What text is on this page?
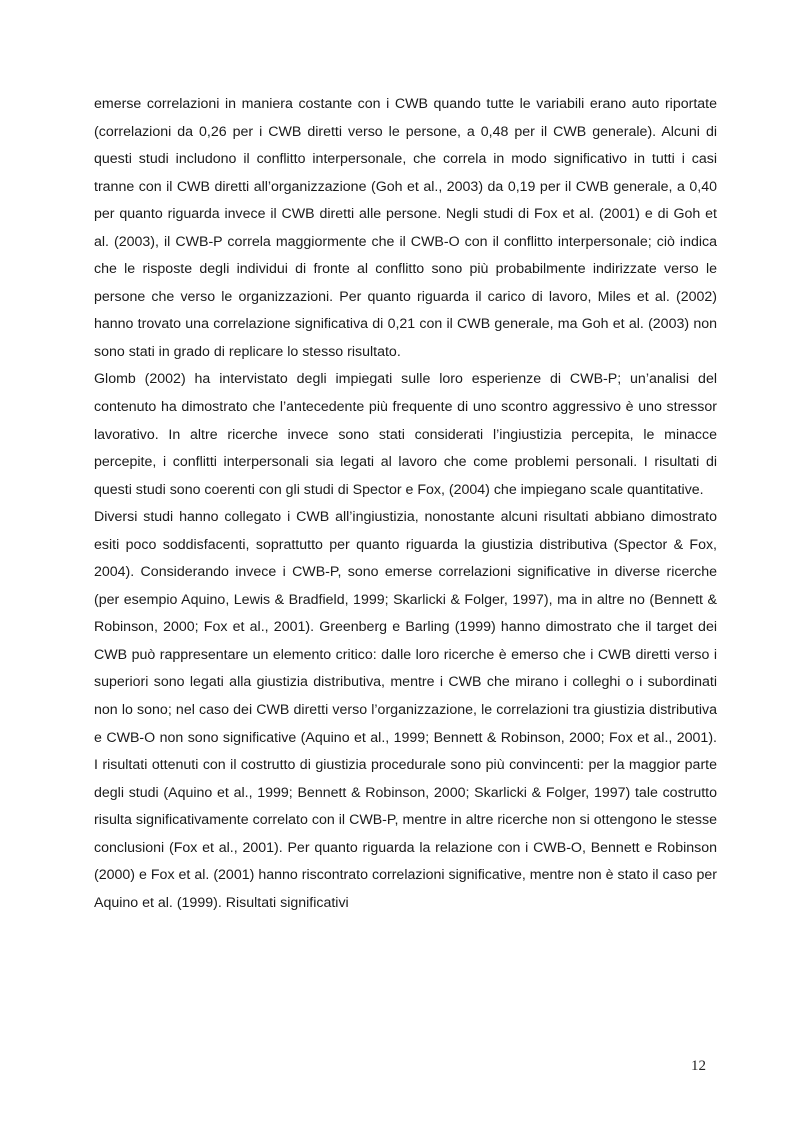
emerse correlazioni in maniera costante con i CWB quando tutte le variabili erano auto riportate (correlazioni da 0,26 per i CWB diretti verso le persone, a 0,48 per il CWB generale). Alcuni di questi studi includono il conflitto interpersonale, che correla in modo significativo in tutti i casi tranne con il CWB diretti all’organizzazione (Goh et al., 2003) da 0,19 per il CWB generale, a 0,40 per quanto riguarda invece il CWB diretti alle persone. Negli studi di Fox et al. (2001) e di Goh et al. (2003), il CWB-P correla maggiormente che il CWB-O con il conflitto interpersonale; ciò indica che le risposte degli individui di fronte al conflitto sono più probabilmente indirizzate verso le persone che verso le organizzazioni. Per quanto riguarda il carico di lavoro, Miles et al. (2002) hanno trovato una correlazione significativa di 0,21 con il CWB generale, ma Goh et al. (2003) non sono stati in grado di replicare lo stesso risultato.

Glomb (2002) ha intervistato degli impiegati sulle loro esperienze di CWB-P; un’analisi del contenuto ha dimostrato che l’antecedente più frequente di uno scontro aggressivo è uno stressor lavorativo. In altre ricerche invece sono stati considerati l’ingiustizia percepita, le minacce percepite, i conflitti interpersonali sia legati al lavoro che come problemi personali. I risultati di questi studi sono coerenti con gli studi di Spector e Fox, (2004) che impiegano scale quantitative.

Diversi studi hanno collegato i CWB all’ingiustizia, nonostante alcuni risultati abbiano dimostrato esiti poco soddisfacenti, soprattutto per quanto riguarda la giustizia distributiva (Spector & Fox, 2004). Considerando invece i CWB-P, sono emerse correlazioni significative in diverse ricerche (per esempio Aquino, Lewis & Bradfield, 1999; Skarlicki & Folger, 1997), ma in altre no (Bennett & Robinson, 2000; Fox et al., 2001). Greenberg e Barling (1999) hanno dimostrato che il target dei CWB può rappresentare un elemento critico: dalle loro ricerche è emerso che i CWB diretti verso i superiori sono legati alla giustizia distributiva, mentre i CWB che mirano i colleghi o i subordinati non lo sono; nel caso dei CWB diretti verso l’organizzazione, le correlazioni tra giustizia distributiva e CWB-O non sono significative (Aquino et al., 1999; Bennett & Robinson, 2000; Fox et al., 2001). I risultati ottenuti con il costrutto di giustizia procedurale sono più convincenti: per la maggior parte degli studi (Aquino et al., 1999; Bennett & Robinson, 2000; Skarlicki & Folger, 1997) tale costrutto risulta significativamente correlato con il CWB-P, mentre in altre ricerche non si ottengono le stesse conclusioni (Fox et al., 2001). Per quanto riguarda la relazione con i CWB-O, Bennett e Robinson (2000) e Fox et al. (2001) hanno riscontrato correlazioni significative, mentre non è stato il caso per Aquino et al. (1999). Risultati significativi

12
